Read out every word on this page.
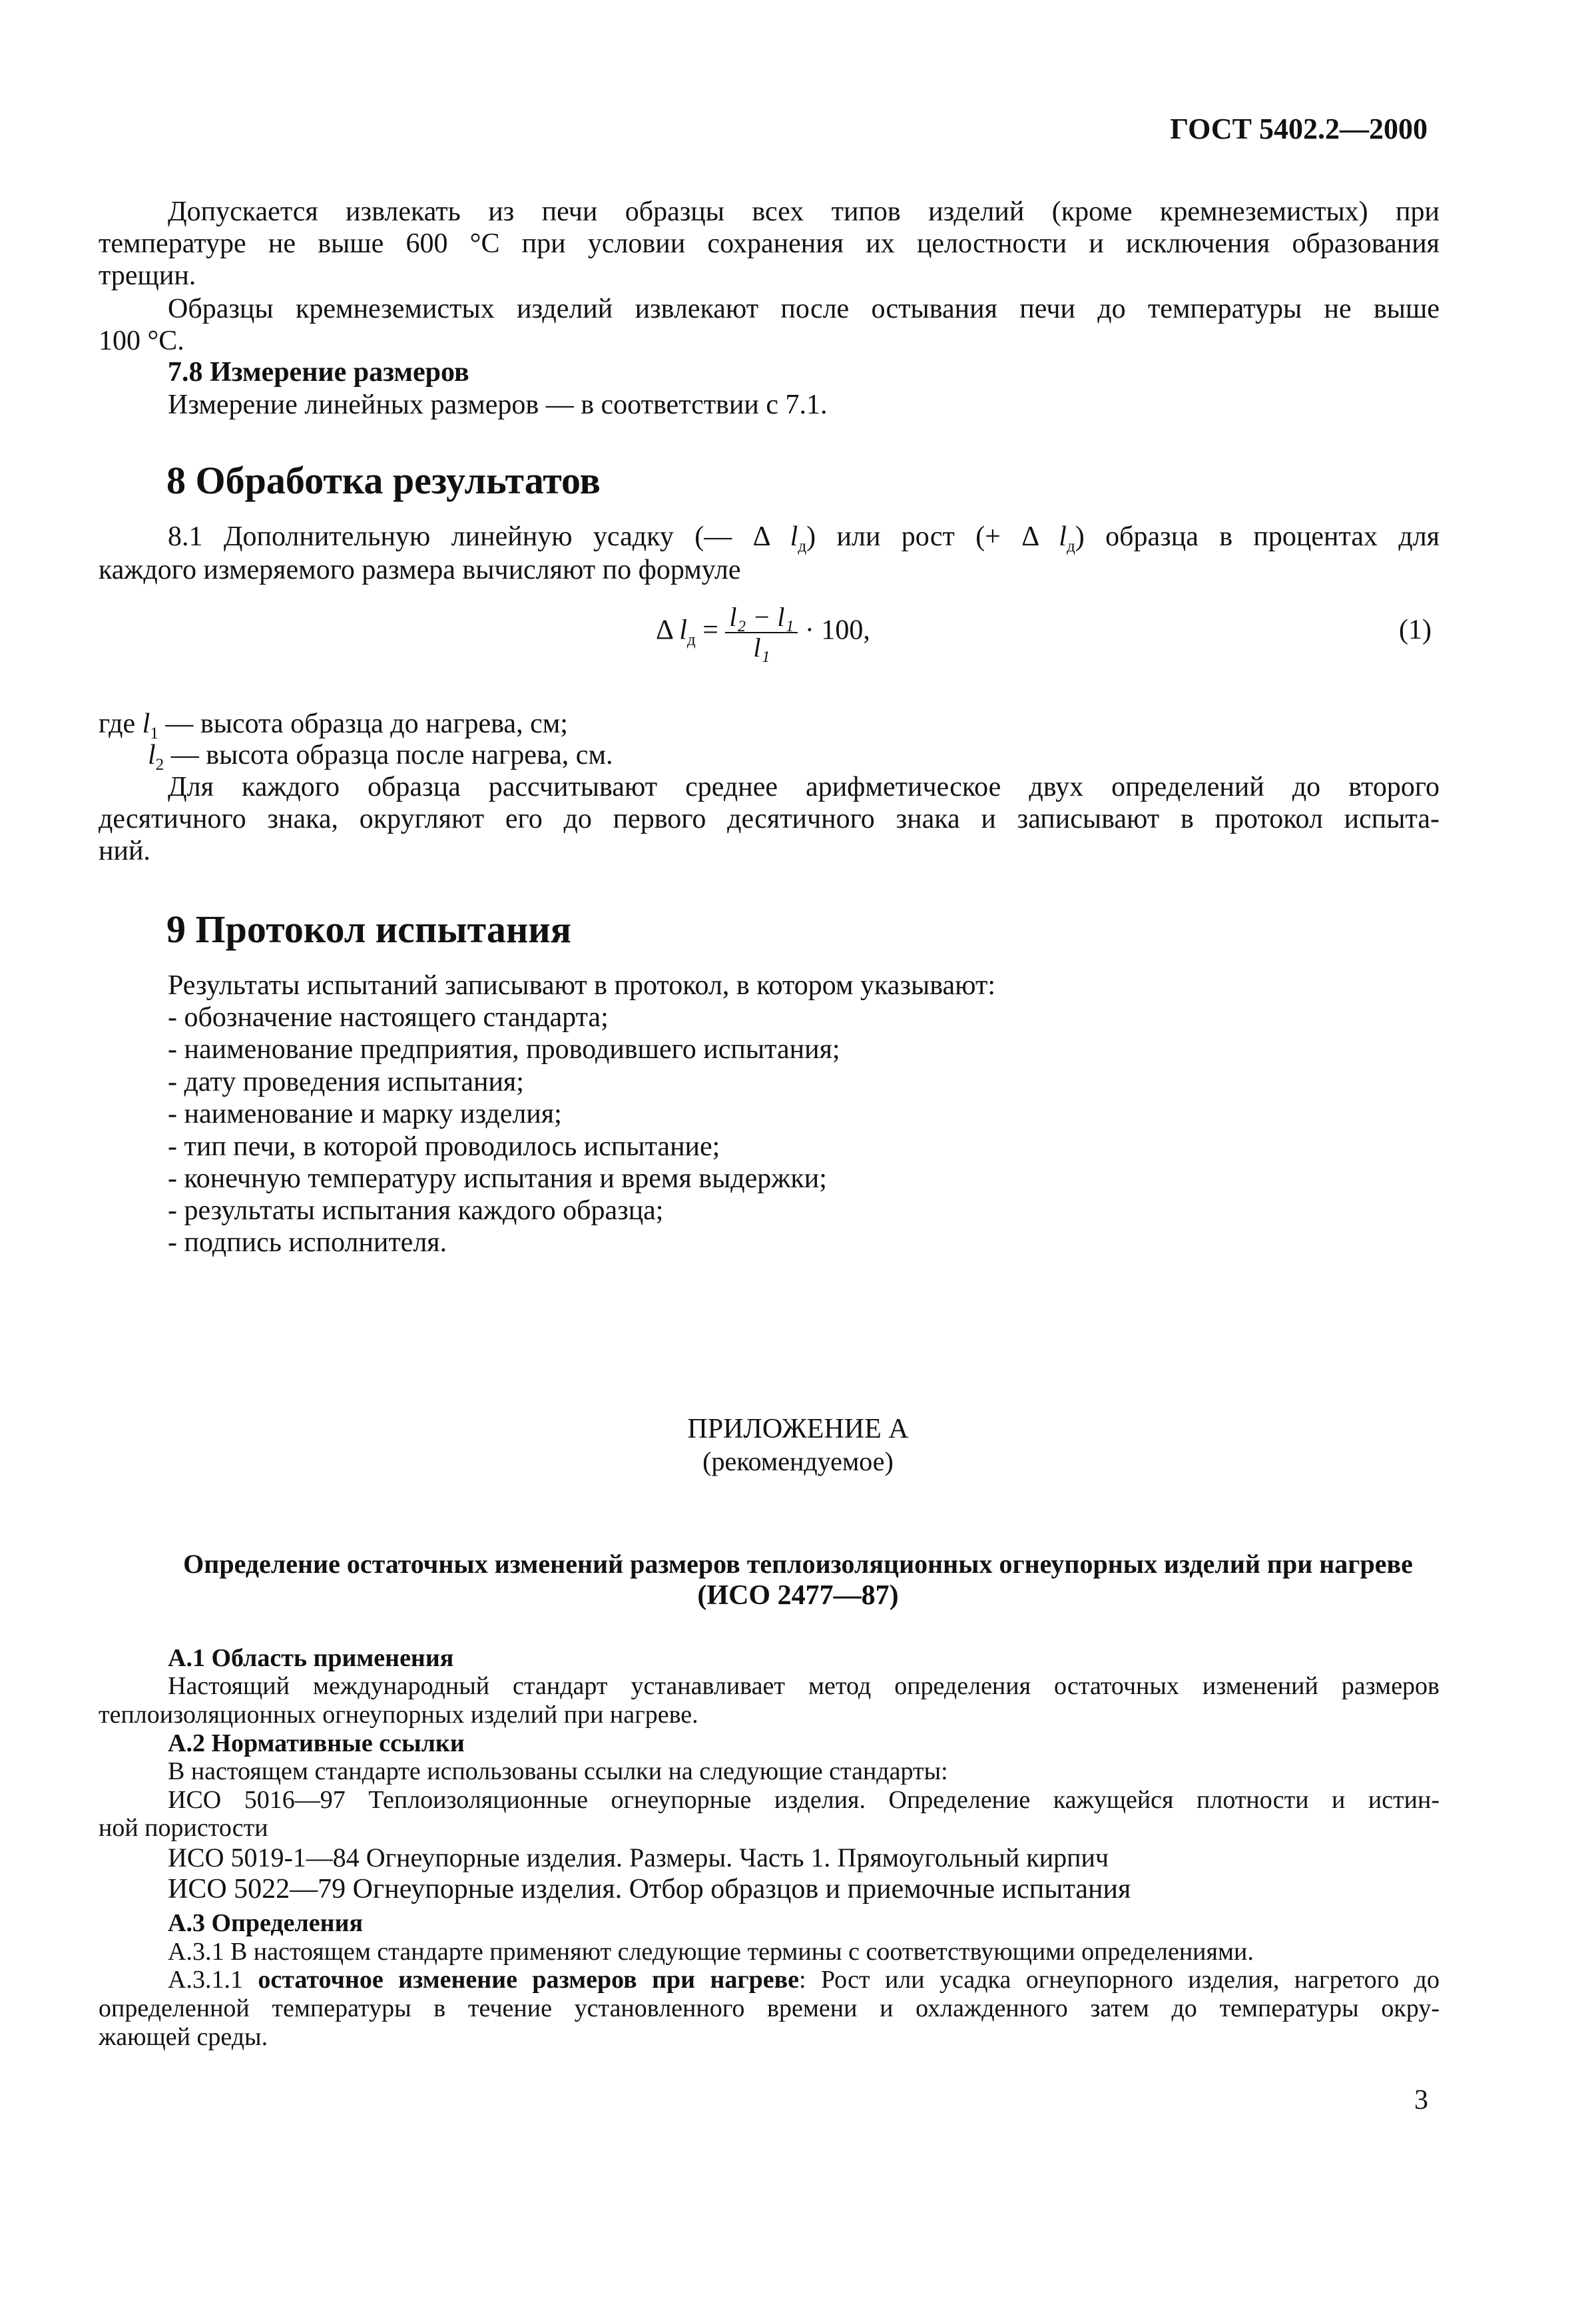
ГОСТ 5402.2—2000
Допускается извлекать из печи образцы всех типов изделий (кроме кремнеземистых) при
температуре не выше 600 °С при условии сохранения их целостности и исключения образования
трещин.
Образцы кремнеземистых изделий извлекают после остывания печи до температуры не выше
100 °С.
7.8 Измерение размеров
Измерение линейных размеров — в соответствии с 7.1.
8 Обработка результатов
8.1 Дополнительную линейную усадку (— Δ $l_д$) или рост (+ Δ $l_д$) образца в процентах для
каждого измеряемого размера вычисляют по формуле
Δ $l_д = \frac{\text{l₂ − l₁}}{\text{l₁}} \cdot 100$,	(1)
где $l_1$ — высота образца до нагрева, см;
$l_2$ — высота образца после нагрева, см.
Для каждого образца рассчитывают среднее арифметическое двух определений до второго
десятичного знака, округляют его до первого десятичного знака и записывают в протокол испыта-
ний.
9 Протокол испытания
Результаты испытаний записывают в протокол, в котором указывают:
- обозначение настоящего стандарта;
- наименование предприятия, проводившего испытания;
- дату проведения испытания;
- наименование и марку изделия;
- тип печи, в которой проводилось испытание;
- конечную температуру испытания и время выдержки;
- результаты испытания каждого образца;
- подпись исполнителя.
ПРИЛОЖЕНИЕ А
(рекомендуемое)
Определение остаточных изменений размеров теплоизоляционных огнеупорных изделий при нагреве
(ИСО 2477—87)
А.1 Область применения
Настоящий международный стандарт устанавливает метод определения остаточных изменений размеров
теплоизоляционных огнеупорных изделий при нагреве.
А.2 Нормативные ссылки
В настоящем стандарте использованы ссылки на следующие стандарты:
ИСО 5016—97 Теплоизоляционные огнеупорные изделия. Определение кажущейся плотности и истин-
ной пористости
ИСО 5019-1—84 Огнеупорные изделия. Размеры. Часть 1. Прямоугольный кирпич
ИСО 5022—79 Огнеупорные изделия. Отбор образцов и приемочные испытания
А.3 Определения
А.3.1 В настоящем стандарте применяют следующие термины с соответствующими определениями.
А.3.1.1 остаточное изменение размеров при нагреве: Рост или усадка огнеупорного изделия, нагретого до
определенной температуры в течение установленного времени и охлажденного затем до температуры окру-
жающей среды.
3
